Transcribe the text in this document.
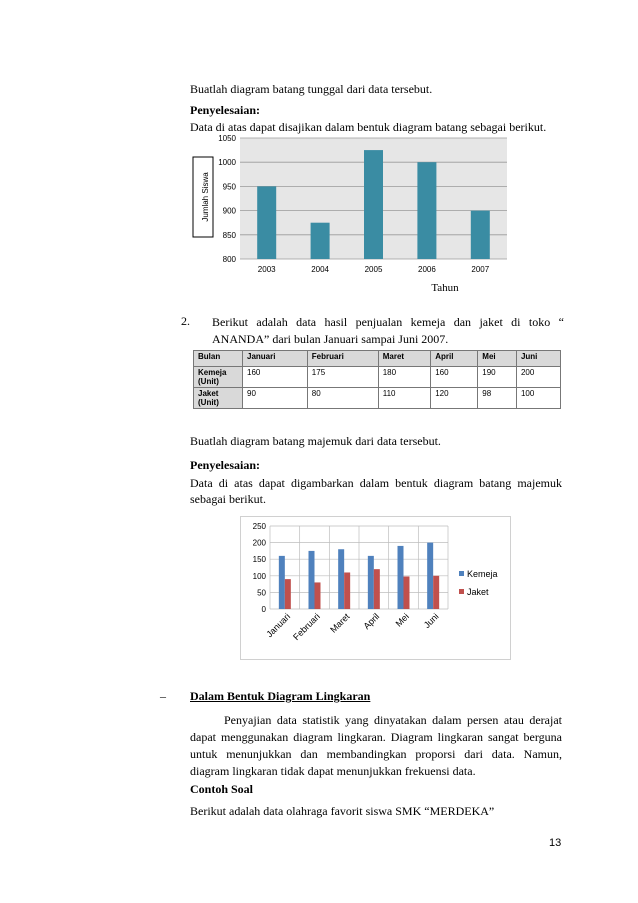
Buatlah diagram batang tunggal dari data tersebut.

Penyelesaian:

Data di atas dapat disajikan dalam bentuk diagram batang sebagai berikut.

Jumlah Siswa
800
850
900
950
1000
1050
2003	2004	2005	2006	2007
Tahun

2. Berikut adalah data hasil penjualan kemeja dan jaket di toko “ ANANDA” dari bulan Januari sampai Juni 2007.

Bulan	Januari	Februari	Maret	April	Mei	Juni
Kemeja (Unit)	160	175	180	160	190	200
Jaket (Unit)	90	80	110	120	98	100

Buatlah diagram batang majemuk dari data tersebut.

Penyelesaian:

Data di atas dapat digambarkan dalam bentuk diagram batang majemuk sebagai berikut.

0
50
100
150
200
250
Januari
Februari Maret April Mei Juni
Kemeja
Jaket
– Dalam Bentuk Diagram Lingkaran

Penyajian data statistik yang dinyatakan dalam persen atau derajat dapat menggunakan diagram lingkaran. Diagram lingkaran sangat berguna untuk menunjukkan dan membandingkan proporsi dari data. Namun, diagram lingkaran tidak dapat menunjukkan frekuensi data.

Contoh Soal

Berikut adalah data olahraga favorit siswa SMK “MERDEKA”

13
